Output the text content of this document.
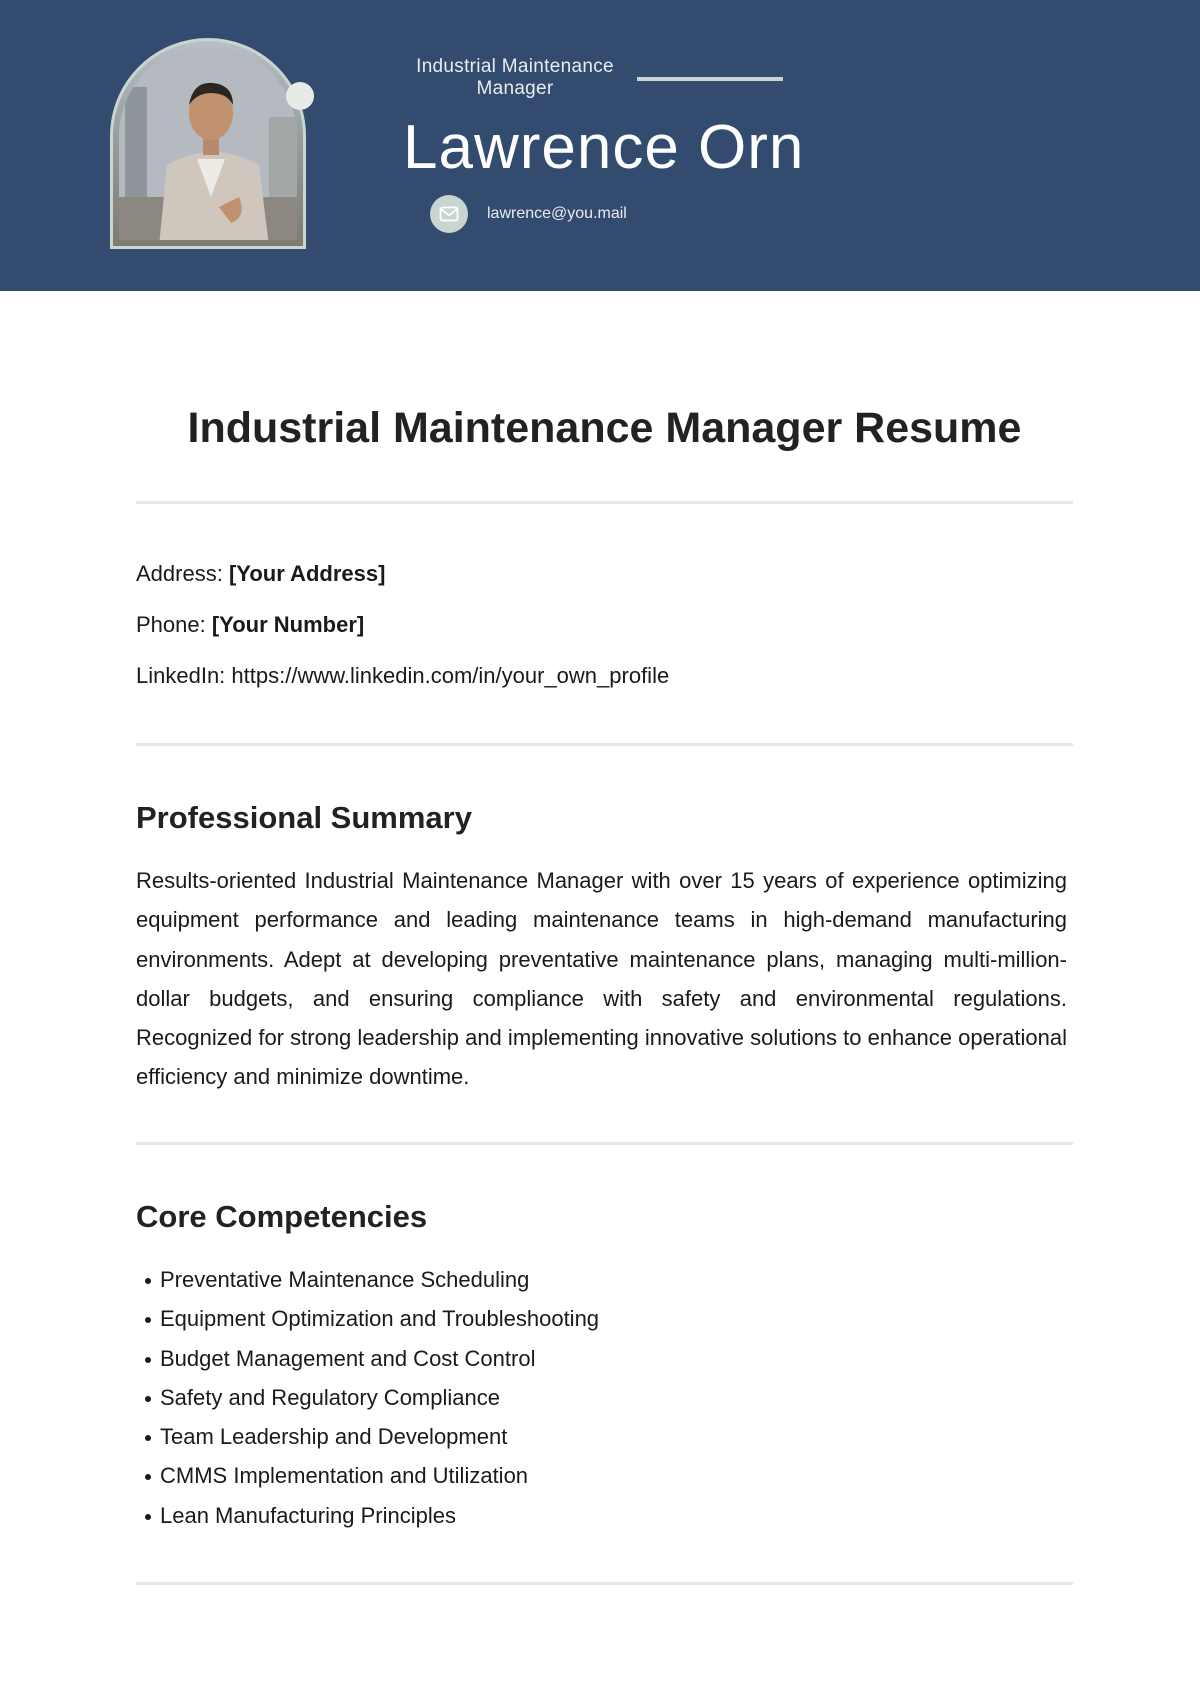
Industrial Maintenance Manager
Lawrence Orn
lawrence@you.mail
Industrial Maintenance Manager Resume
Address: [Your Address]
Phone: [Your Number]
LinkedIn: https://www.linkedin.com/in/your_own_profile
Professional Summary
Results-oriented Industrial Maintenance Manager with over 15 years of experience optimizing equipment performance and leading maintenance teams in high-demand manufacturing environments. Adept at developing preventative maintenance plans, managing multi-million-dollar budgets, and ensuring compliance with safety and environmental regulations. Recognized for strong leadership and implementing innovative solutions to enhance operational efficiency and minimize downtime.
Core Competencies
Preventative Maintenance Scheduling
Equipment Optimization and Troubleshooting
Budget Management and Cost Control
Safety and Regulatory Compliance
Team Leadership and Development
CMMS Implementation and Utilization
Lean Manufacturing Principles
